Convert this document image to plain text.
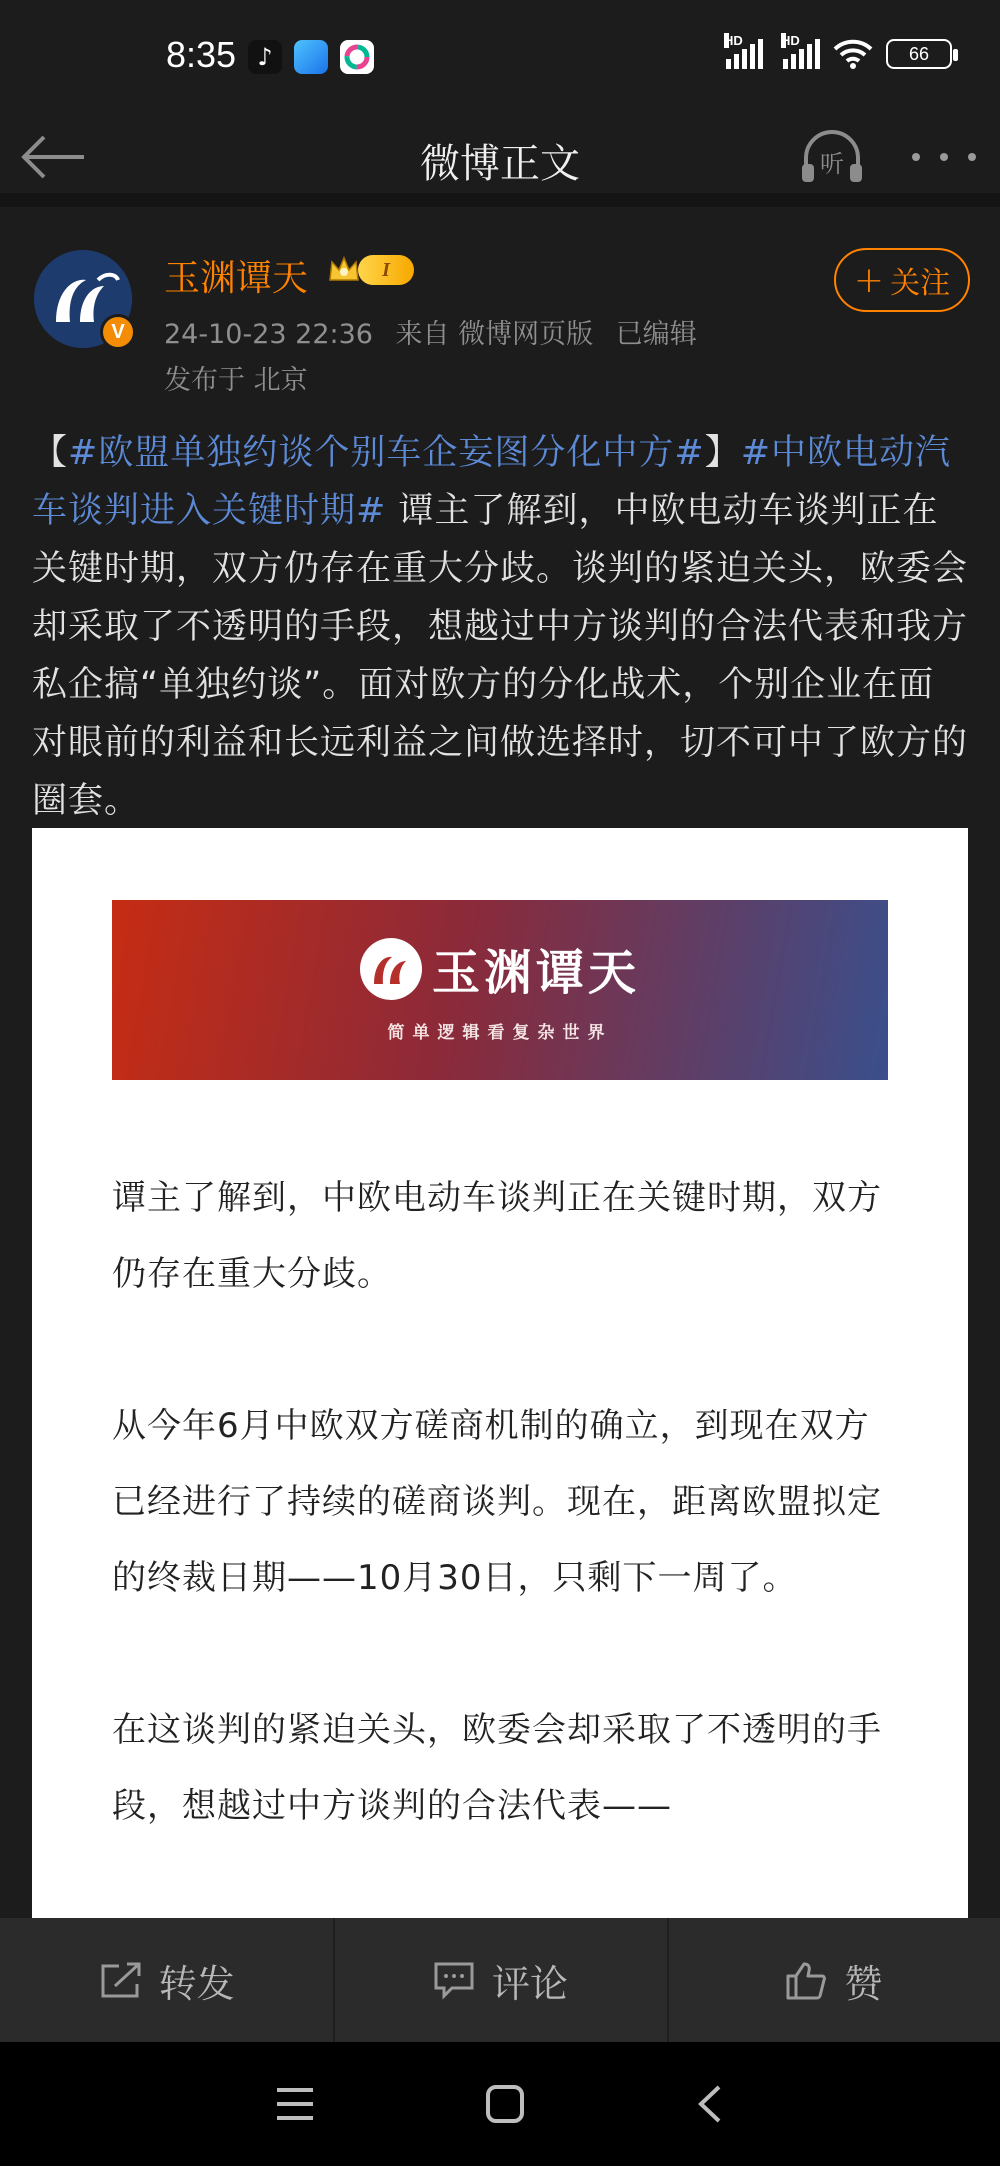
8:35 ♪
HD	HD
66
微博正文	听
V
玉渊谭天	I
24-10-23 22:36 来自 微博网页版 已编辑
发布于 北京
+ 关注
【#欧盟单独约谈个别车企妄图分化中方#】#中欧电动汽车谈判进入关键时期# 谭主了解到，中欧电动车谈判正在关键时期，双方仍存在重大分歧。谈判的紧迫关头，欧委会却采取了不透明的手段，想越过中方谈判的合法代表和我方私企搞“单独约谈”。面对欧方的分化战术，个别企业在面对眼前的利益和长远利益之间做选择时，切不可中了欧方的圈套。
玉渊谭天
简单逻辑看复杂世界

谭主了解到，中欧电动车谈判正在关键时期，双方仍存在重大分歧。

从今年6月中欧双方磋商机制的确立，到现在双方已经进行了持续的磋商谈判。现在，距离欧盟拟定的终裁日期——10月30日，只剩下一周了。

在这谈判的紧迫关头，欧委会却采取了不透明的手段，想越过中方谈判的合法代表——

转发	评论	赞
